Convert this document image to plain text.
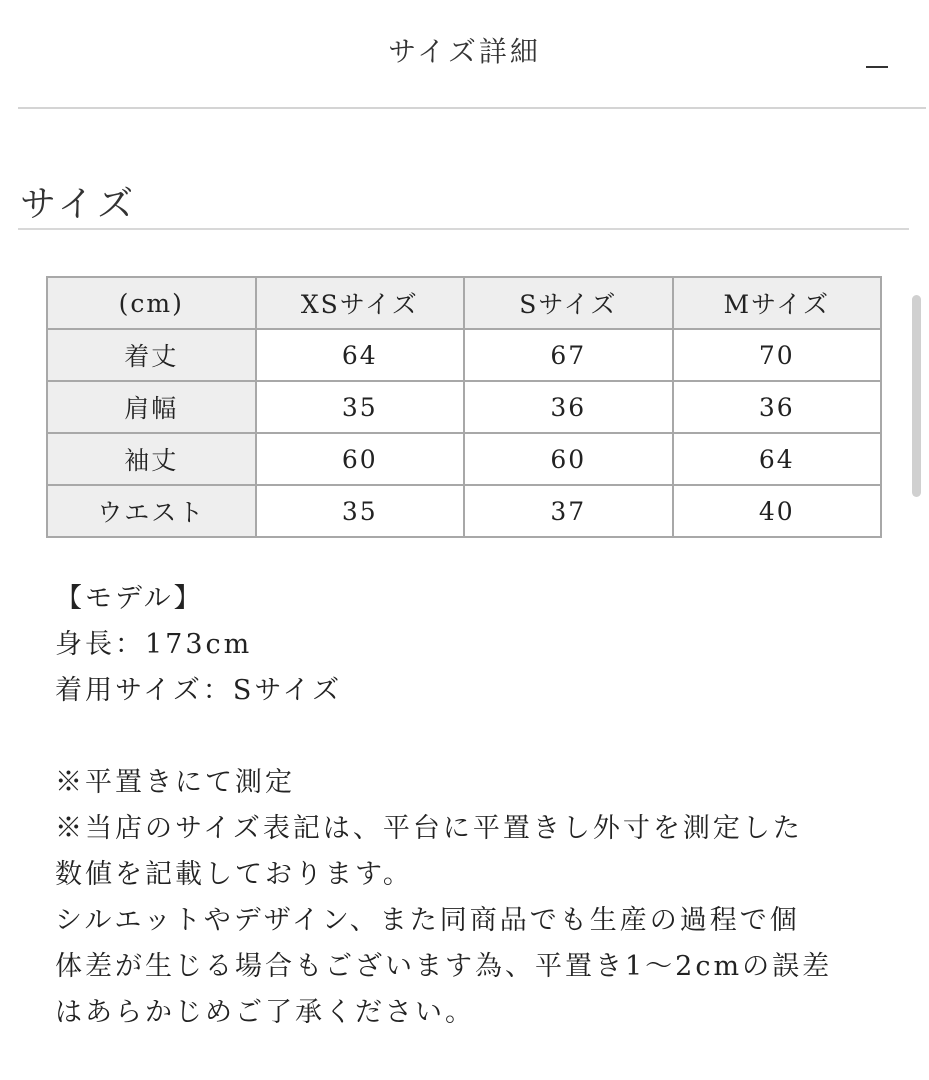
サイズ詳細
サイズ
(cm)	XSサイズ	Sサイズ	Mサイズ
着丈	64	67	70
肩幅	35	36	36
袖丈	60	60	64
ウエスト	35	37	40
【モデル】
身長：173cm
着用サイズ：Sサイズ
※平置きにて測定
※当店のサイズ表記は、平台に平置きし外寸を測定した
数値を記載しております。
シルエットやデザイン、また同商品でも生産の過程で個
体差が生じる場合もございます為、平置き1〜2cmの誤差
はあらかじめご了承ください。
